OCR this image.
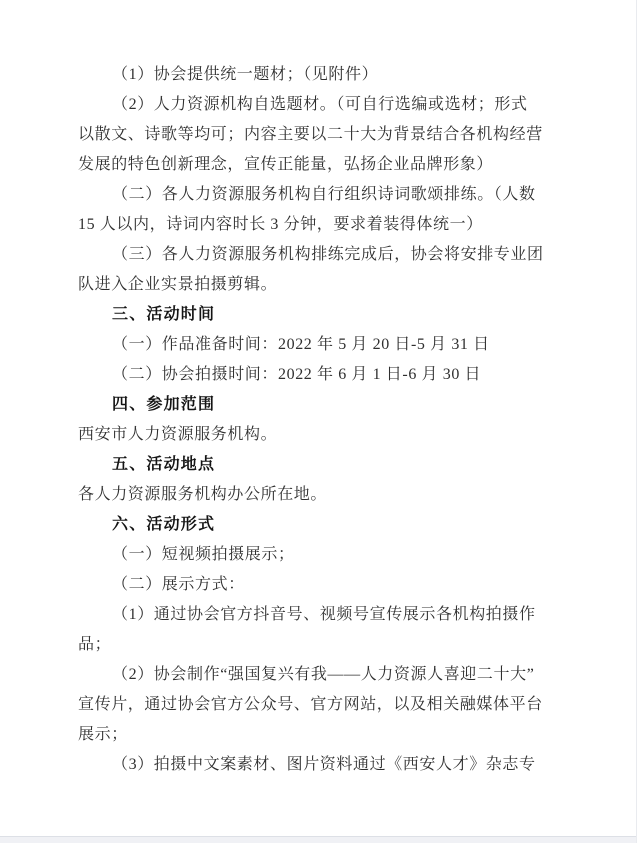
（1）协会提供统一题材；（见附件）
（2）人力资源机构自选题材。（可自行选编或选材；形式
以散文、诗歌等均可；内容主要以二十大为背景结合各机构经营
发展的特色创新理念，宣传正能量，弘扬企业品牌形象）
（二）各人力资源服务机构自行组织诗词歌颂排练。（人数
15 人以内，诗词内容时长 3 分钟，要求着装得体统一）
（三）各人力资源服务机构排练完成后，协会将安排专业团
队进入企业实景拍摄剪辑。
三、活动时间
（一）作品准备时间：2022 年 5 月 20 日-5 月 31 日
（二）协会拍摄时间：2022 年 6 月 1 日-6 月 30 日
四、参加范围
西安市人力资源服务机构。
五、活动地点
各人力资源服务机构办公所在地。
六、活动形式
（一）短视频拍摄展示；
（二）展示方式：
（1）通过协会官方抖音号、视频号宣传展示各机构拍摄作
品；
（2）协会制作“强国复兴有我——人力资源人喜迎二十大”
宣传片，通过协会官方公众号、官方网站，以及相关融媒体平台
展示；
（3）拍摄中文案素材、图片资料通过《西安人才》杂志专
